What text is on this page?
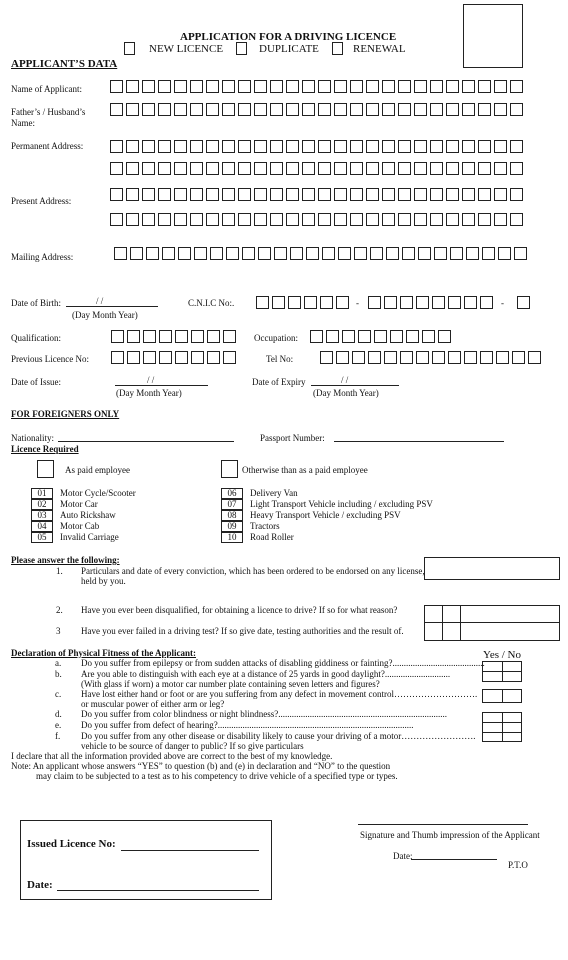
APPLICATION FOR A DRIVING LICENCE
NEW LICENCE	DUPLICATE	RENEWAL
APPLICANT’S DATA
Name of Applicant:
Father’s / Husband’s
Name:
Permanent Address:
Present Address:
Mailing Address:
Date of Birth:	/ /
(Day Month Year)
C.N.I.C No:.	-	-
Qualification:	Occupation:
Previous Licence No:	Tel No:
Date of Issue:	/ /
(Day Month Year)
Date of Expiry	/ /
(Day Month Year)
FOR FOREIGNERS ONLY
Nationality:	Passport Number:
Licence Required
As paid employee	Otherwise than as a paid employee
01	Motor Cycle/Scooter
02	Motor Car
03	Auto Rickshaw
04	Motor Cab
05	Invalid Carriage
06	Delivery Van
07	Light Transport Vehicle including / excluding PSV
08	Heavy Transport Vehicle / excluding PSV
09	Tractors
10	Road Roller
Please answer the following:
1. Particulars and date of every conviction, which has been ordered to be endorsed on any license,
held by you.
2. Have you ever been disqualified, for obtaining a licence to drive? If so for what reason?
3 Have you ever failed in a driving test? If so give date, testing authorities and the result of.
Declaration of Physical Fitness of the Applicant:	Yes / No
a. Do you suffer from epilepsy or from sudden attacks of disabling giddiness or fainting?.........................................
b. Are you able to distinguish with each eye at a distance of 25 yards in good daylight?.............................
(With glass if worn) a motor car number plate containing seven letters and figures?
c. Have lost either hand or foot or are you suffering from any defect in movement control……………………….
or muscular power of either arm or leg?
d. Do you suffer from color blindness or night blindness?...........................................................................
e. Do you suffer from defect of hearing?.......................................................................................
f. Do you suffer from any other disease or disability likely to cause your driving of a motor…………………….
vehicle to be source of danger to public? If so give particulars
I declare that all the information provided above are correct to the best of my knowledge.
Note: An applicant whose answers “YES” to question (b) and (e) in declaration and “NO” to the question
may claim to be subjected to a test as to his competency to drive vehicle of a specified type or types.
Issued Licence No:
Date:
Signature and Thumb impression of the Applicant
Date:
P.T.O
